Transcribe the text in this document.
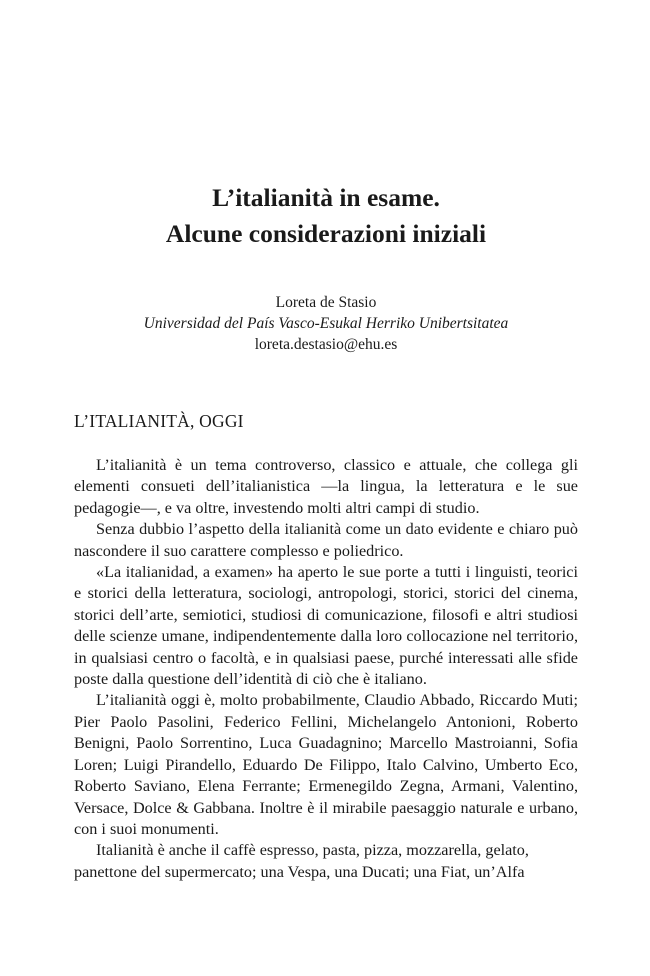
L’italianità in esame.
Alcune considerazioni iniziali
Loreta de Stasio
Universidad del País Vasco-Esukal Herriko Unibertsitatea
loreta.destasio@ehu.es
L’ITALIANITÀ, OGGI

L’italianità è un tema controverso, classico e attuale, che collega gli elementi consueti dell’italianistica —la lingua, la letteratura e le sue pedagogie—, e va oltre, investendo molti altri campi di studio.

Senza dubbio l’aspetto della italianità come un dato evidente e chiaro può nascondere il suo carattere complesso e poliedrico.

«La italianidad, a examen» ha aperto le sue porte a tutti i linguisti, teorici e storici della letteratura, sociologi, antropologi, storici, storici del cinema, storici dell’arte, semiotici, studiosi di comunicazione, filosofi e altri studiosi delle scienze umane, indipendentemente dalla loro collocazione nel territorio, in qualsiasi centro o facoltà, e in qualsiasi paese, purché interessati alle sfide poste dalla questione dell’identità di ciò che è italiano.

L’italianità oggi è, molto probabilmente, Claudio Abbado, Riccardo Muti; Pier Paolo Pasolini, Federico Fellini, Michelangelo Antonioni, Roberto Benigni, Paolo Sorrentino, Luca Guadagnino; Marcello Mastroianni, Sofia Loren; Luigi Pirandello, Eduardo De Filippo, Italo Calvino, Umberto Eco, Roberto Saviano, Elena Ferrante; Ermenegildo Zegna, Armani, Valentino, Versace, Dolce & Gabbana. Inoltre è il mirabile paesaggio naturale e urbano, con i suoi monumenti.

Italianità è anche il caffè espresso, pasta, pizza, mozzarella, gelato, panettone del supermercato; una Vespa, una Ducati; una Fiat, un’Alfa
